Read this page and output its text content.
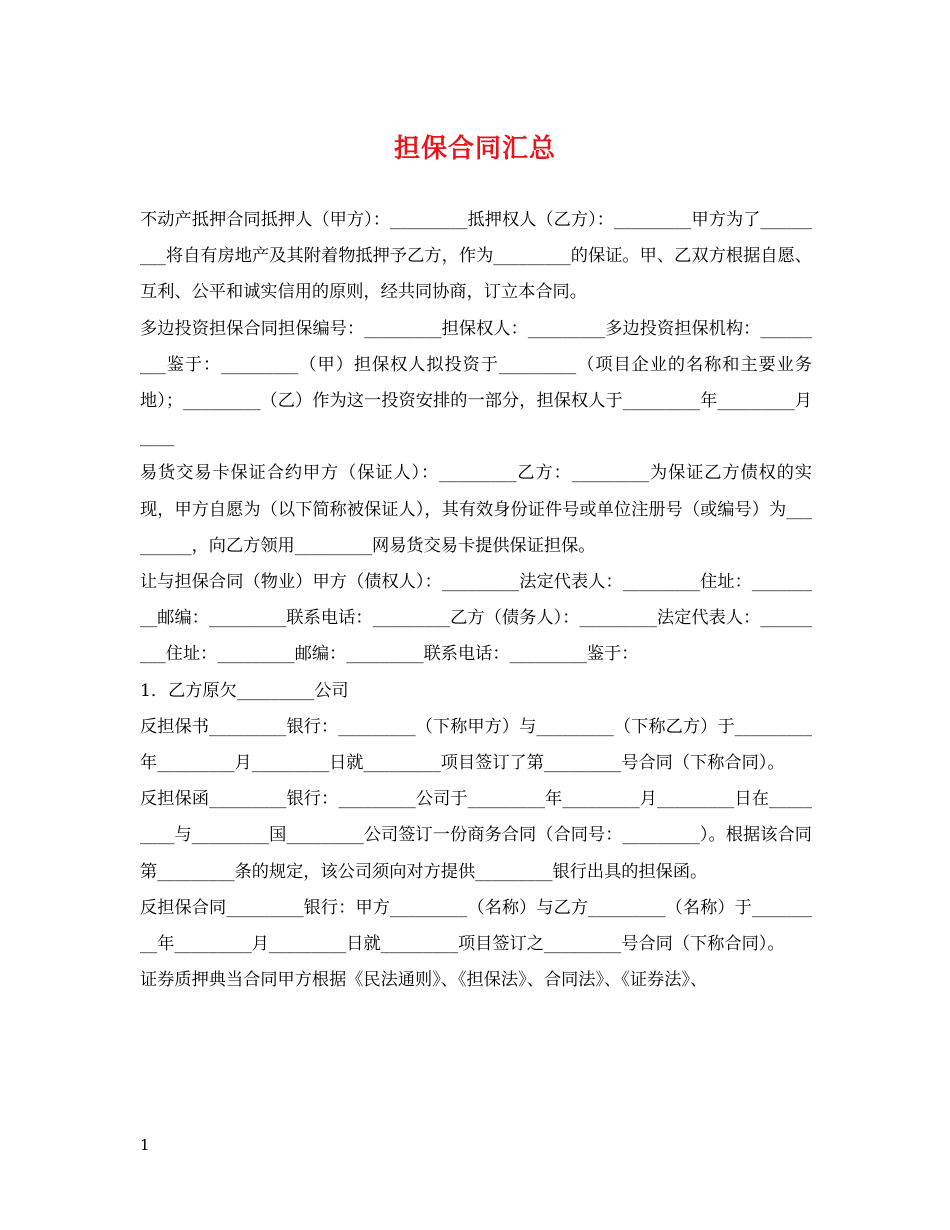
担保合同汇总

不动产抵押合同抵押人（甲方）：_________抵押权人（乙方）：_________甲方为了_________将自有房地产及其附着物抵押予乙方，作为_________的保证。甲、乙双方根据自愿、互利、公平和诚实信用的原则，经共同协商，订立本合同。

多边投资担保合同担保编号：_________担保权人：_________多边投资担保机构：_________鉴于：_________（甲）担保权人拟投资于_________（项目企业的名称和主要业务地）；_________（乙）作为这一投资安排的一部分，担保权人于_________年_________月____

易货交易卡保证合约甲方（保证人）：_________乙方：_________为保证乙方债权的实现，甲方自愿为（以下简称被保证人），其有效身份证件号或单位注册号（或编号）为_________，向乙方领用_________网易货交易卡提供保证担保。

让与担保合同（物业）甲方（债权人）：_________法定代表人：_________住址：_________邮编：_________联系电话：_________乙方（债务人）：_________法定代表人：_________住址：_________邮编：_________联系电话：_________鉴于：

1．乙方原欠_________公司

反担保书_________银行：_________（下称甲方）与_________（下称乙方）于_________年_________月_________日就_________项目签订了第_________号合同（下称合同）。

反担保函_________银行：_________公司于_________年_________月_________日在_________与_________国_________公司签订一份商务合同（合同号：_________）。根据该合同第_________条的规定，该公司须向对方提供_________银行出具的担保函。

反担保合同_________银行：甲方_________（名称）与乙方_________（名称）于_________年_________月_________日就_________项目签订之_________号合同（下称合同）。

证券质押典当合同甲方根据《民法通则》、《担保法》、合同法》、《证券法》、

1
